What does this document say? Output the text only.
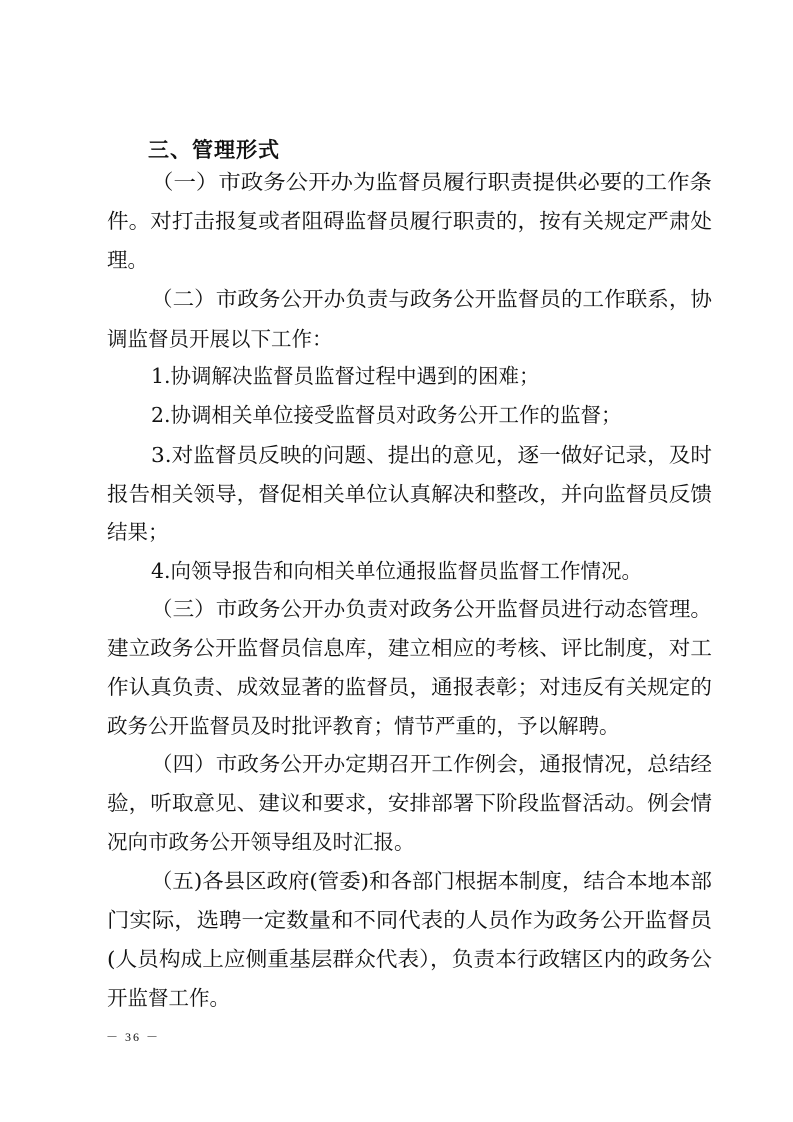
三、管理形式
（一）市政务公开办为监督员履行职责提供必要的工作条
件。对打击报复或者阻碍监督员履行职责的，按有关规定严肃处
理。
（二）市政务公开办负责与政务公开监督员的工作联系，协
调监督员开展以下工作：
1.协调解决监督员监督过程中遇到的困难；
2.协调相关单位接受监督员对政务公开工作的监督；
3.对监督员反映的问题、提出的意见，逐一做好记录，及时
报告相关领导，督促相关单位认真解决和整改，并向监督员反馈
结果；
4.向领导报告和向相关单位通报监督员监督工作情况。
（三）市政务公开办负责对政务公开监督员进行动态管理。
建立政务公开监督员信息库，建立相应的考核、评比制度，对工
作认真负责、成效显著的监督员，通报表彰；对违反有关规定的
政务公开监督员及时批评教育；情节严重的，予以解聘。
（四）市政务公开办定期召开工作例会，通报情况，总结经
验，听取意见、建议和要求，安排部署下阶段监督活动。例会情
况向市政务公开领导组及时汇报。
（五)各县区政府(管委)和各部门根据本制度，结合本地本部
门实际，选聘一定数量和不同代表的人员作为政务公开监督员
(人员构成上应侧重基层群众代表），负责本行政辖区内的政务公
开监督工作。
－ 36 －
